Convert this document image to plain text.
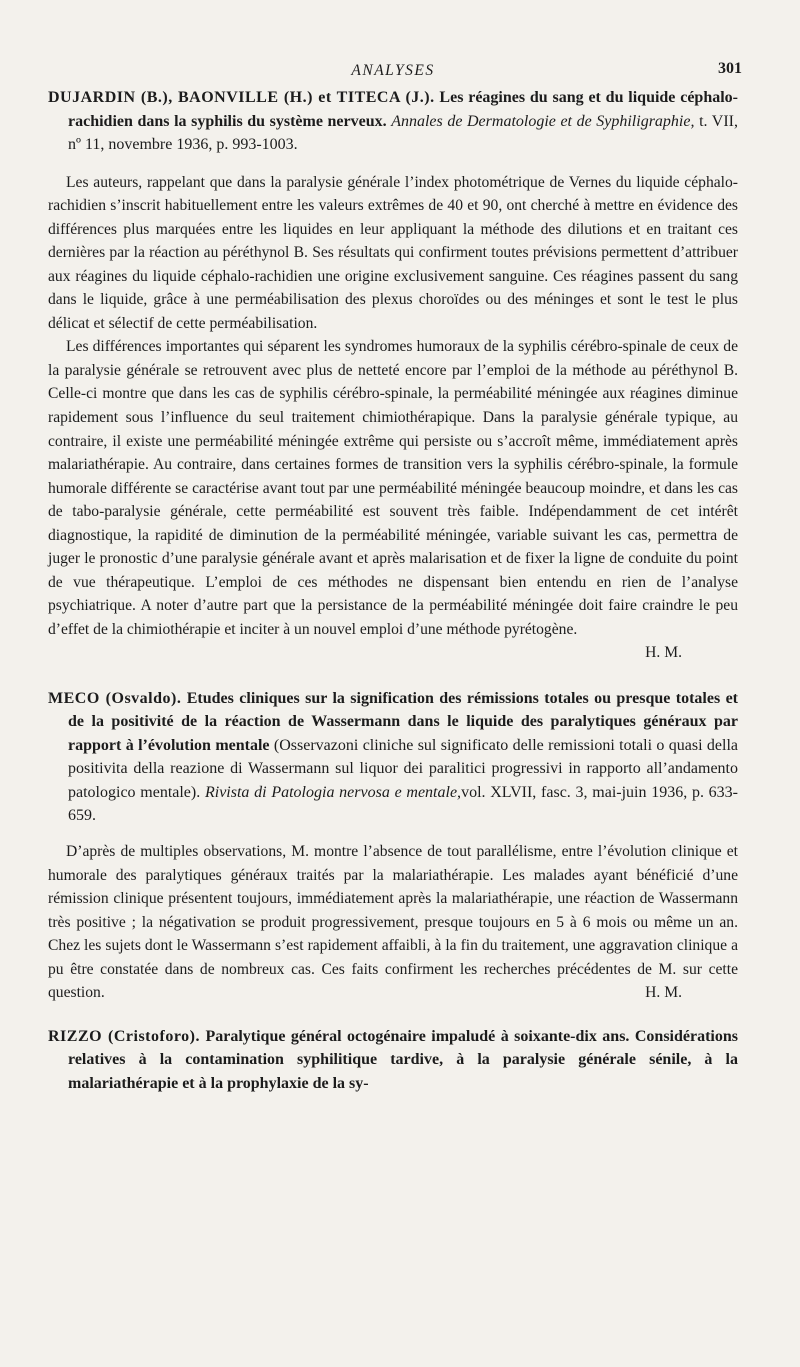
ANALYSES	301

DUJARDIN (B.), BAONVILLE (H.) et TITECA (J.). Les réagines du sang et du liquide céphalo-rachidien dans la syphilis du système nerveux. Annales de Dermatologie et de Syphiligraphie, t. VII, nº 11, novembre 1936, p. 993-1003.

Les auteurs, rappelant que dans la paralysie générale l’index photométrique de Vernes du liquide céphalo-rachidien s’inscrit habituellement entre les valeurs extrêmes de 40 et 90, ont cherché à mettre en évidence des différences plus marquées entre les liquides en leur appliquant la méthode des dilutions et en traitant ces dernières par la réaction au péréthynol B. Ses résultats qui confirment toutes prévisions permettent d’attribuer aux réagines du liquide céphalo-rachidien une origine exclusivement sanguine. Ces réagines passent du sang dans le liquide, grâce à une perméabilisation des plexus choroïdes ou des méninges et sont le test le plus délicat et sélectif de cette perméabilisation.

Les différences importantes qui séparent les syndromes humoraux de la syphilis cérébro-spinale de ceux de la paralysie générale se retrouvent avec plus de netteté encore par l’emploi de la méthode au péréthynol B. Celle-ci montre que dans les cas de syphilis cérébro-spinale, la perméabilité méningée aux réagines diminue rapidement sous l’influence du seul traitement chimiothérapique. Dans la paralysie générale typique, au contraire, il existe une perméabilité méningée extrême qui persiste ou s’accroît même, immédiatement après malariathérapie. Au contraire, dans certaines formes de transition vers la syphilis cérébro-spinale, la formule humorale différente se caractérise avant tout par une perméabilité méningée beaucoup moindre, et dans les cas de tabo-paralysie générale, cette perméabilité est souvent très faible. Indépendamment de cet intérêt diagnostique, la rapidité de diminution de la perméabilité méningée, variable suivant les cas, permettra de juger le pronostic d’une paralysie générale avant et après malarisation et de fixer la ligne de conduite du point de vue thérapeutique. L’emploi de ces méthodes ne dispensant bien entendu en rien de l’analyse psychiatrique. A noter d’autre part que la persistance de la perméabilité méningée doit faire craindre le peu d’effet de la chimiothérapie et inciter à un nouvel emploi d’une méthode pyrétogène.

H. M.

MECO (Osvaldo). Etudes cliniques sur la signification des rémissions totales ou presque totales et de la positivité de la réaction de Wassermann dans le liquide des paralytiques généraux par rapport à l’évolution mentale (Osservazoni cliniche sul significato delle remissioni totali o quasi della positivita della reazione di Wassermann sul liquor dei paralitici progressivi in rapporto all’andamento patologico mentale). Rivista di Patologia nervosa e mentale,vol. XLVII, fasc. 3, mai-juin 1936, p. 633-659.

D’après de multiples observations, M. montre l’absence de tout parallélisme, entre l’évolution clinique et humorale des paralytiques généraux traités par la malariathérapie. Les malades ayant bénéficié d’une rémission clinique présentent toujours, immédiatement après la malariathérapie, une réaction de Wassermann très positive ; la négativation se produit progressivement, presque toujours en 5 à 6 mois ou même un an. Chez les sujets dont le Wassermann s’est rapidement affaibli, à la fin du traitement, une aggravation clinique a pu être constatée dans de nombreux cas. Ces faits confirment les recherches précédentes de M. sur cette question.	H. M.

RIZZO (Cristoforo). Paralytique général octogénaire impaludé à soixante-dix ans. Considérations relatives à la contamination syphilitique tardive, à la paralysie générale sénile, à la malariathérapie et à la prophylaxie de la sy-
